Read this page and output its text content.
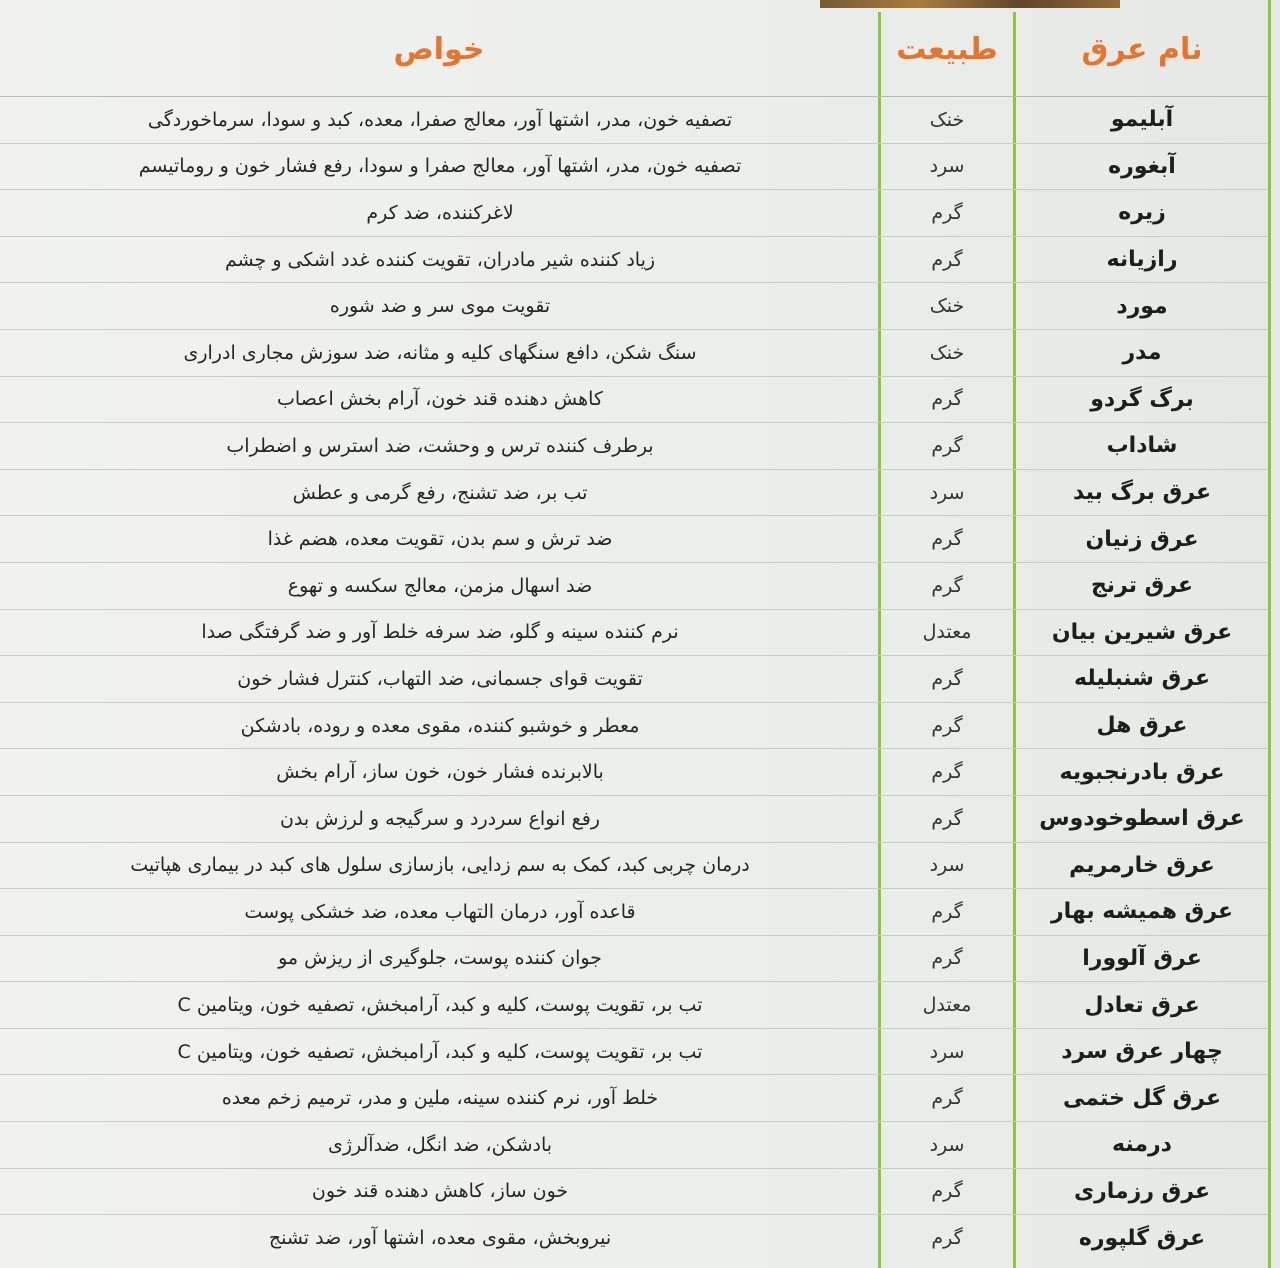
نام عرق
طبیعت
خواص
آبلیمو
خنک
تصفیه خون، مدر، اشتها آور، معالج صفرا، معده، کبد و سودا، سرماخوردگی
آبغوره
سرد
تصفیه خون، مدر، اشتها آور، معالج صفرا و سودا، رفع فشار خون و روماتیسم
زیره
گرم
لاغرکننده، ضد کرم
رازیانه
گرم
زیاد کننده شیر مادران، تقویت کننده غدد اشکی و چشم
مورد
خنک
تقویت موی سر و ضد شوره
مدر
خنک
سنگ شکن، دافع سنگهای کلیه و مثانه، ضد سوزش مجاری ادراری
برگ گردو
گرم
کاهش دهنده قند خون، آرام بخش اعصاب
شاداب
گرم
برطرف کننده ترس و وحشت، ضد استرس و اضطراب
عرق برگ بید
سرد
تب بر، ضد تشنج، رفع گرمی و عطش
عرق زنیان
گرم
ضد ترش و سم بدن، تقویت معده، هضم غذا
عرق ترنج
گرم
ضد اسهال مزمن، معالج سکسه و تهوع
عرق شیرین بیان
معتدل
نرم کننده سینه و گلو، ضد سرفه خلط آور و ضد گرفتگی صدا
عرق شنبلیله
گرم
تقویت قوای جسمانی، ضد التهاب، کنترل فشار خون
عرق هل
گرم
معطر و خوشبو کننده، مقوی معده و روده، بادشکن
عرق بادرنجبویه
گرم
بالابرنده فشار خون، خون ساز، آرام بخش
عرق اسطوخودوس
گرم
رفع انواع سردرد و سرگیجه و لرزش بدن
عرق خارمریم
سرد
درمان چربی کبد، کمک به سم زدایی، بازسازی سلول های کبد در بیماری هپاتیت
عرق همیشه بهار
گرم
قاعده آور، درمان التهاب معده، ضد خشکی پوست
عرق آلوورا
گرم
جوان کننده پوست، جلوگیری از ریزش مو
عرق تعادل
معتدل
تب بر، تقویت پوست، کلیه و کبد، آرامبخش، تصفیه خون، ویتامین C
چهار عرق سرد
سرد
تب بر، تقویت پوست، کلیه و کبد، آرامبخش، تصفیه خون، ویتامین C
عرق گل ختمی
گرم
خلط آور، نرم کننده سینه، ملین و مدر، ترمیم زخم معده
درمنه
سرد
بادشکن، ضد انگل، ضدآلرژی
عرق رزماری
گرم
خون ساز، کاهش دهنده قند خون
عرق گلپوره
گرم
نیروبخش، مقوی معده، اشتها آور، ضد تشنج
